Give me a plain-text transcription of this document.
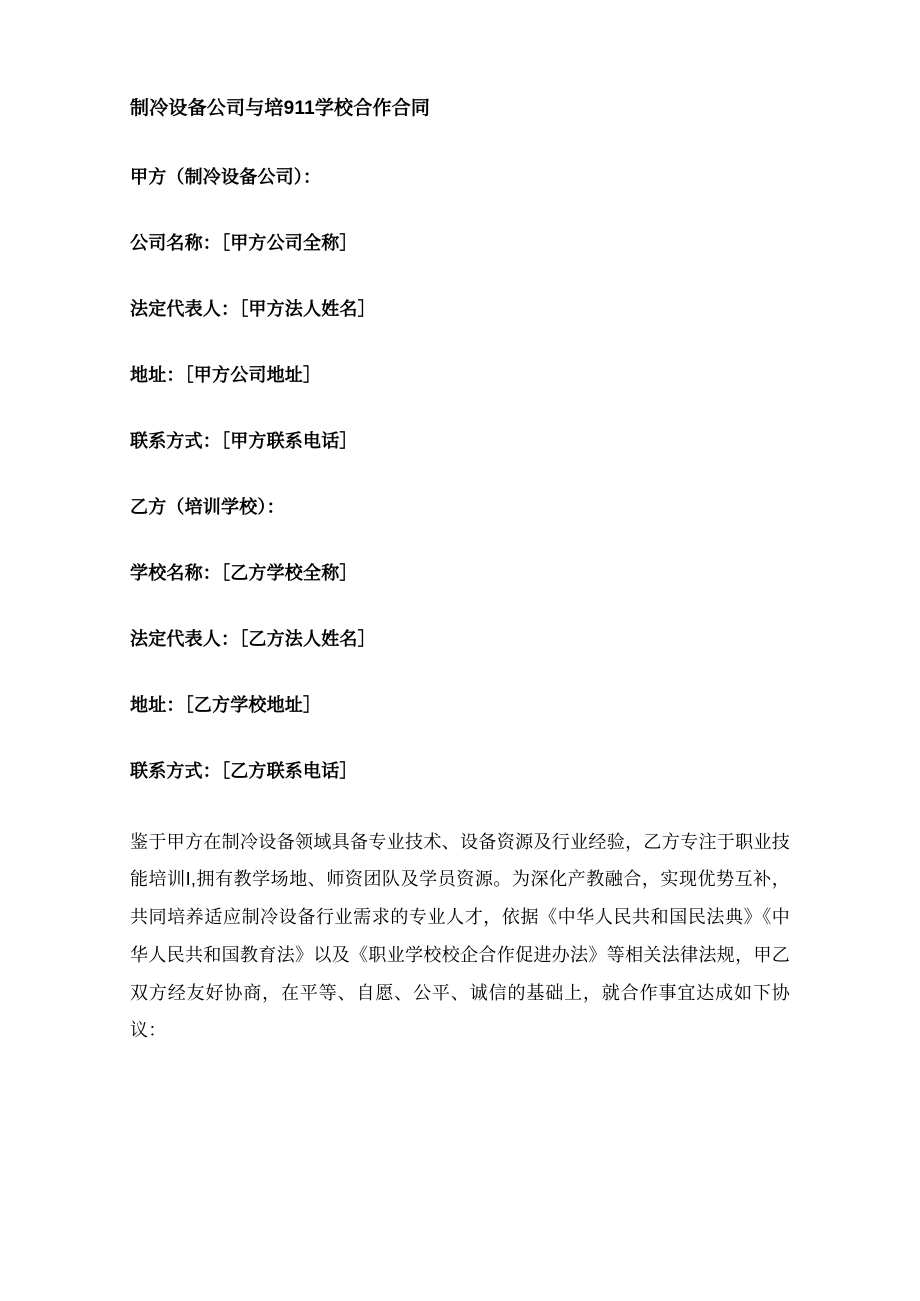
制冷设备公司与培911学校合作合同
甲方（制冷设备公司）：
公司名称：［甲方公司全称］
法定代表人：［甲方法人姓名］
地址：［甲方公司地址］
联系方式：［甲方联系电话］
乙方（培训学校）：
学校名称：［乙方学校全称］
法定代表人：［乙方法人姓名］
地址：［乙方学校地址］
联系方式：［乙方联系电话］

鉴于甲方在制冷设备领域具备专业技术、设备资源及行业经验，乙方专注于职业技能培训I,拥有教学场地、师资团队及学员资源。为深化产教融合，实现优势互补，共同培养适应制冷设备行业需求的专业人才，依据《中华人民共和国民法典》《中华人民共和国教育法》以及《职业学校校企合作促进办法》等相关法律法规，甲乙双方经友好协商，在平等、自愿、公平、诚信的基础上，就合作事宜达成如下协议：
